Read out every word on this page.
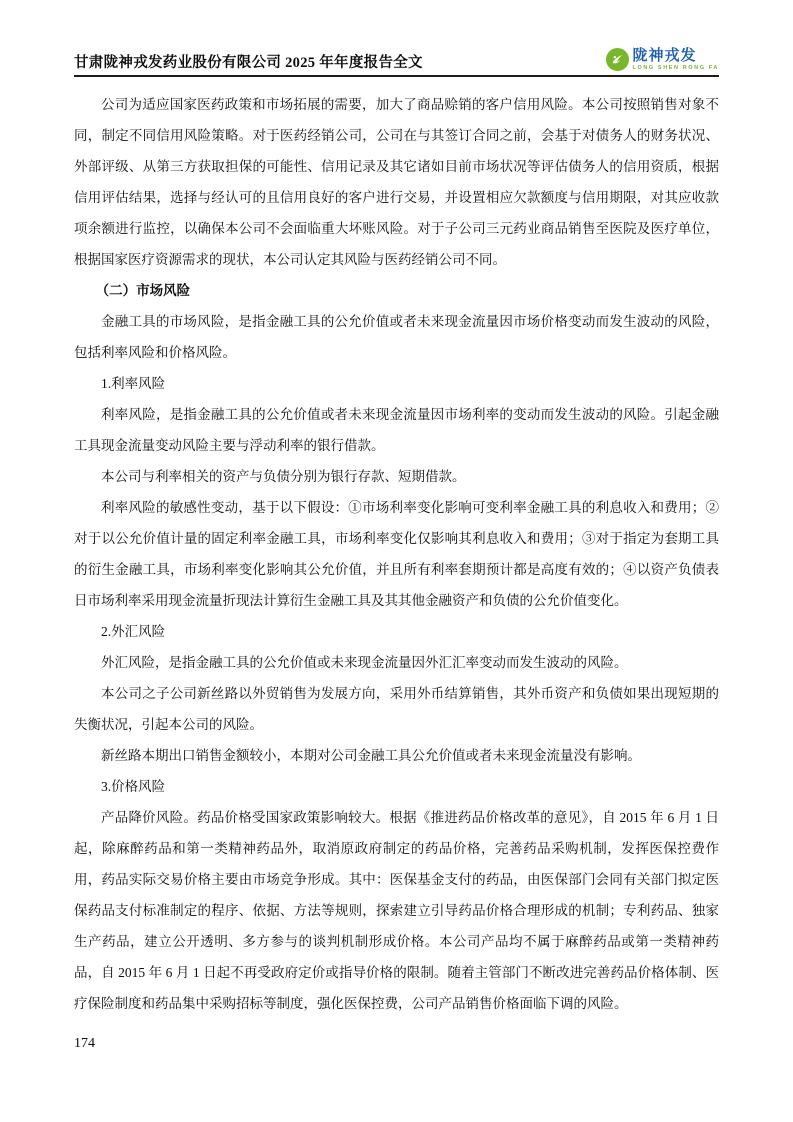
甘肃陇神戎发药业股份有限公司 2025 年年度报告全文	陇神戎发
LONG SHEN RONG FA

公司为适应国家医药政策和市场拓展的需要，加大了商品赊销的客户信用风险。本公司按照销售对象不同，制定不同信用风险策略。对于医药经销公司，公司在与其签订合同之前，会基于对债务人的财务状况、外部评级、从第三方获取担保的可能性、信用记录及其它诸如目前市场状况等评估债务人的信用资质，根据信用评估结果，选择与经认可的且信用良好的客户进行交易，并设置相应欠款额度与信用期限，对其应收款项余额进行监控，以确保本公司不会面临重大坏账风险。对于子公司三元药业商品销售至医院及医疗单位，根据国家医疗资源需求的现状，本公司认定其风险与医药经销公司不同。

（二）市场风险

金融工具的市场风险，是指金融工具的公允价值或者未来现金流量因市场价格变动而发生波动的风险，包括利率风险和价格风险。

1.利率风险

利率风险，是指金融工具的公允价值或者未来现金流量因市场利率的变动而发生波动的风险。引起金融工具现金流量变动风险主要与浮动利率的银行借款。

本公司与利率相关的资产与负债分别为银行存款、短期借款。

利率风险的敏感性变动，基于以下假设：①市场利率变化影响可变利率金融工具的利息收入和费用；②对于以公允价值计量的固定利率金融工具，市场利率变化仅影响其利息收入和费用；③对于指定为套期工具的衍生金融工具，市场利率变化影响其公允价值，并且所有利率套期预计都是高度有效的；④以资产负债表日市场利率采用现金流量折现法计算衍生金融工具及其其他金融资产和负债的公允价值变化。

2.外汇风险

外汇风险，是指金融工具的公允价值或未来现金流量因外汇汇率变动而发生波动的风险。

本公司之子公司新丝路以外贸销售为发展方向，采用外币结算销售，其外币资产和负债如果出现短期的失衡状况，引起本公司的风险。

新丝路本期出口销售金额较小，本期对公司金融工具公允价值或者未来现金流量没有影响。

3.价格风险

产品降价风险。药品价格受国家政策影响较大。根据《推进药品价格改革的意见》，自 2015 年 6 月 1 日起，除麻醉药品和第一类精神药品外，取消原政府制定的药品价格，完善药品采购机制，发挥医保控费作用，药品实际交易价格主要由市场竞争形成。其中：医保基金支付的药品，由医保部门会同有关部门拟定医保药品支付标准制定的程序、依据、方法等规则，探索建立引导药品价格合理形成的机制；专利药品、独家生产药品，建立公开透明、多方参与的谈判机制形成价格。本公司产品均不属于麻醉药品或第一类精神药品，自 2015 年 6 月 1 日起不再受政府定价或指导价格的限制。随着主管部门不断改进完善药品价格体制、医疗保险制度和药品集中采购招标等制度，强化医保控费，公司产品销售价格面临下调的风险。

174
